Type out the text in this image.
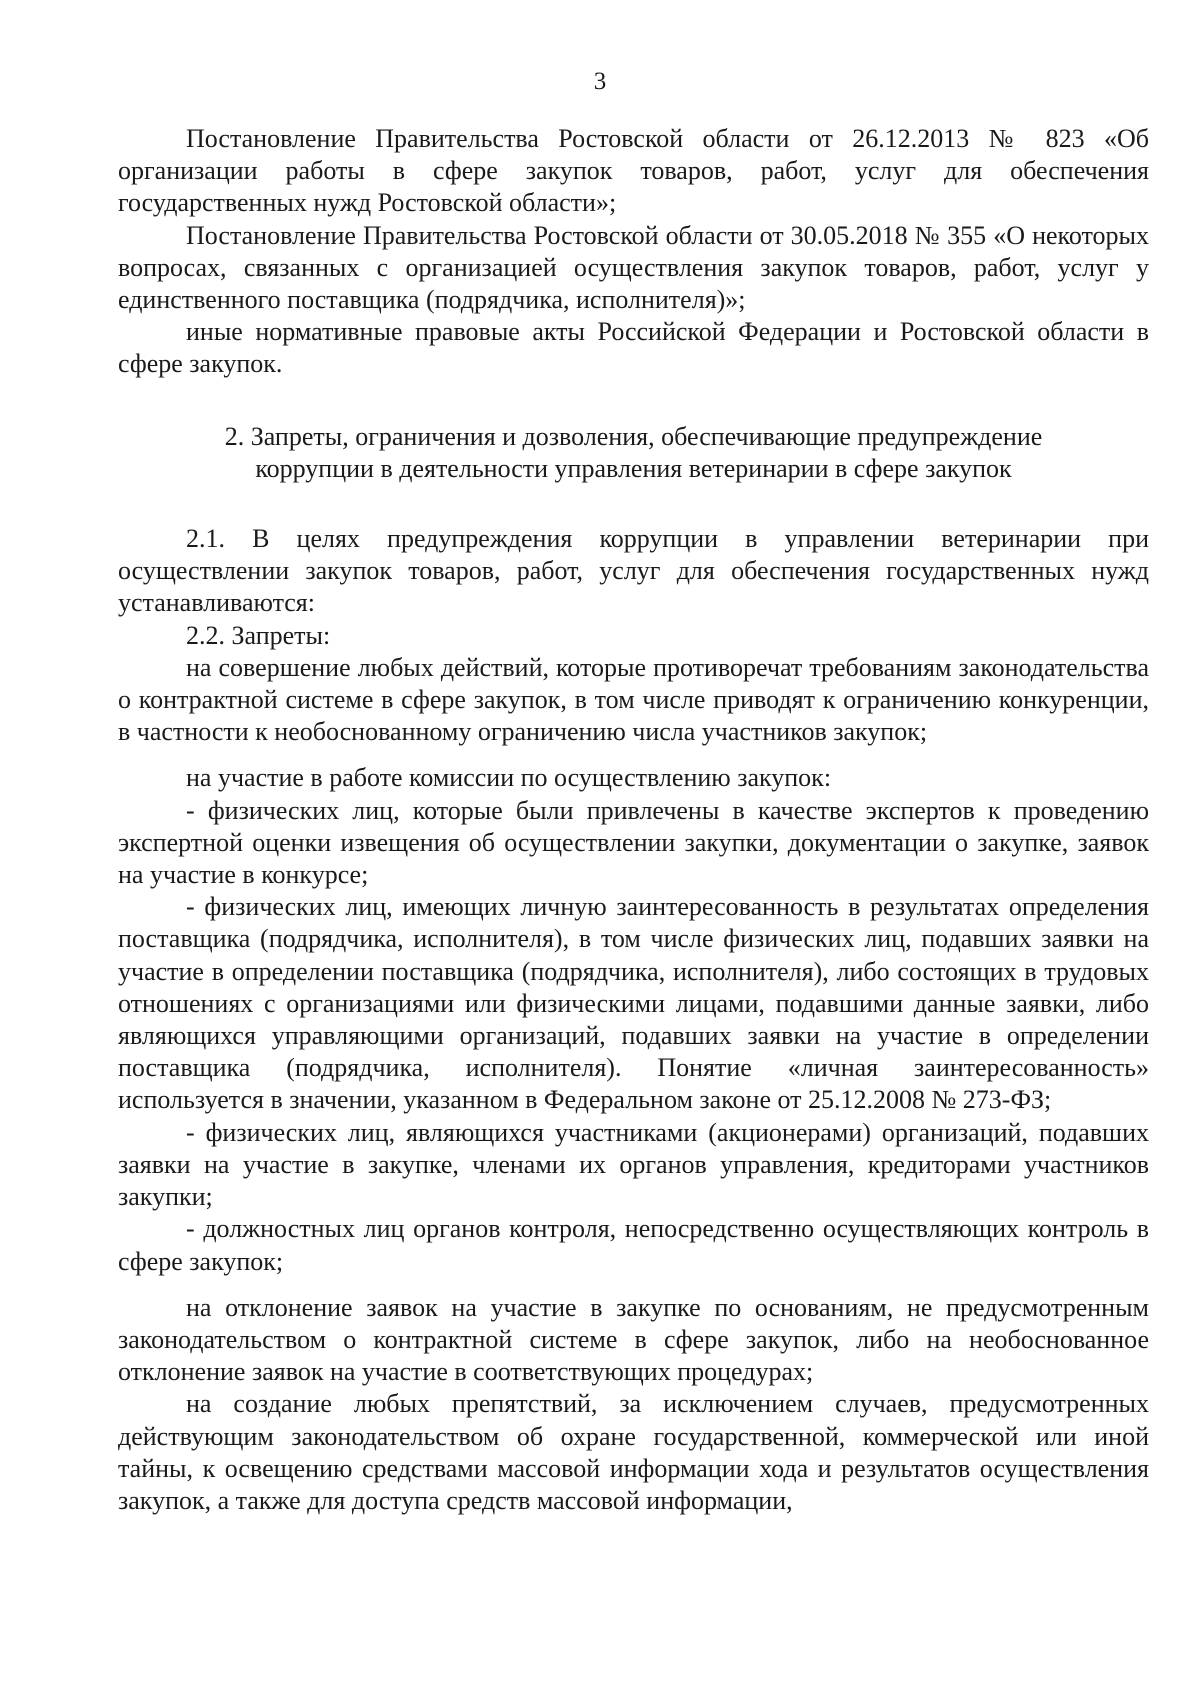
3

Постановление Правительства Ростовской области от 26.12.2013 № 823 «Об организации работы в сфере закупок товаров, работ, услуг для обеспечения государственных нужд Ростовской области»;

Постановление Правительства Ростовской области от 30.05.2018 № 355 «О некоторых вопросах, связанных с организацией осуществления закупок товаров, работ, услуг у единственного поставщика (подрядчика, исполнителя)»;

иные нормативные правовые акты Российской Федерации и Ростовской области в сфере закупок.

2. Запреты, ограничения и дозволения, обеспечивающие предупреждение
коррупции в деятельности управления ветеринарии в сфере закупок

2.1. В целях предупреждения коррупции в управлении ветеринарии при осуществлении закупок товаров, работ, услуг для обеспечения государственных нужд устанавливаются:

2.2. Запреты:

на совершение любых действий, которые противоречат требованиям законодательства о контрактной системе в сфере закупок, в том числе приводят к ограничению конкуренции, в частности к необоснованному ограничению числа участников закупок;

на участие в работе комиссии по осуществлению закупок:

- физических лиц, которые были привлечены в качестве экспертов к проведению экспертной оценки извещения об осуществлении закупки, документации о закупке, заявок на участие в конкурсе;

- физических лиц, имеющих личную заинтересованность в результатах определения поставщика (подрядчика, исполнителя), в том числе физических лиц, подавших заявки на участие в определении поставщика (подрядчика, исполнителя), либо состоящих в трудовых отношениях с организациями или физическими лицами, подавшими данные заявки, либо являющихся управляющими организаций, подавших заявки на участие в определении поставщика (подрядчика, исполнителя). Понятие «личная заинтересованность» используется в значении, указанном в Федеральном законе от 25.12.2008 № 273-ФЗ;

- физических лиц, являющихся участниками (акционерами) организаций, подавших заявки на участие в закупке, членами их органов управления, кредиторами участников закупки;

- должностных лиц органов контроля, непосредственно осуществляющих контроль в сфере закупок;

на отклонение заявок на участие в закупке по основаниям, не предусмотренным законодательством о контрактной системе в сфере закупок, либо на необоснованное отклонение заявок на участие в соответствующих процедурах;

на создание любых препятствий, за исключением случаев, предусмотренных действующим законодательством об охране государственной, коммерческой или иной тайны, к освещению средствами массовой информации хода и результатов осуществления закупок, а также для доступа средств массовой информации,
